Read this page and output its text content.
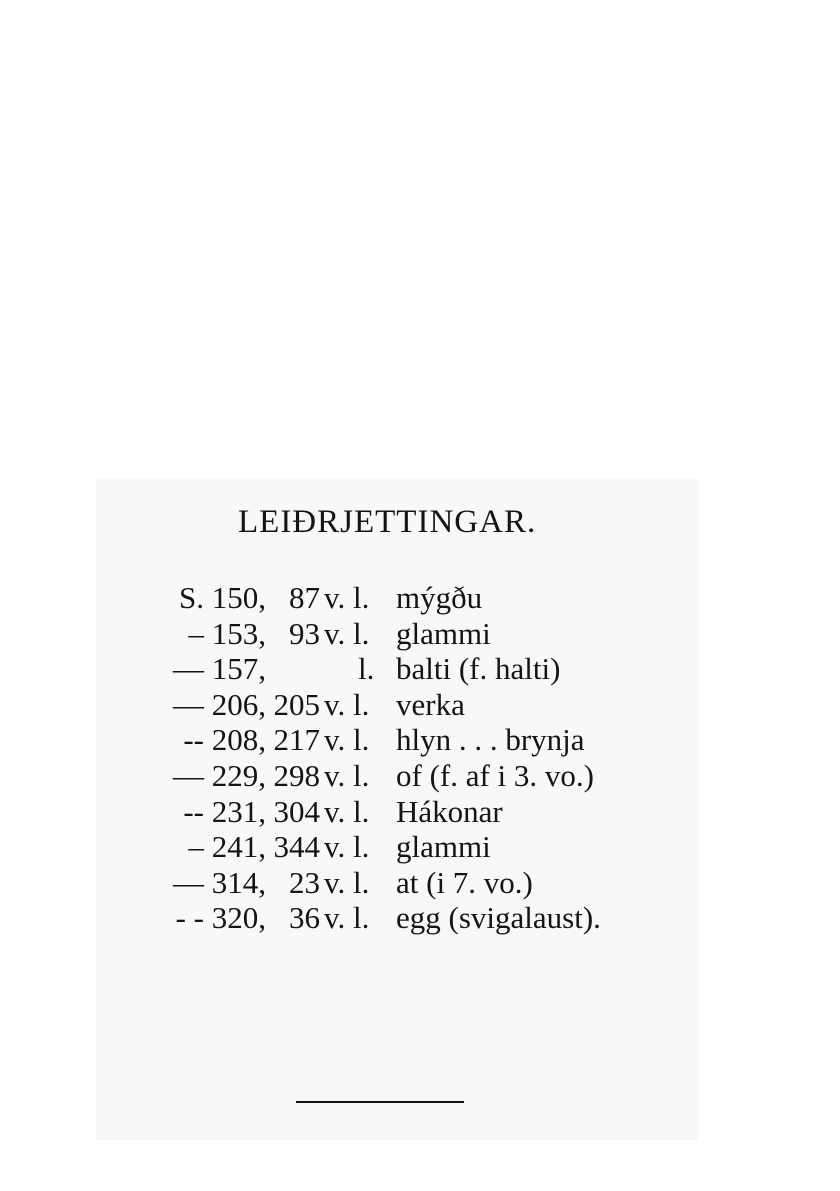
LEIÐRJETTINGAR.
S. 150, 87 v. l. mýgðu
– 153, 93 v. l. glammi
— 157,	l. balti (f. halti)
— 206, 205 v. l. verka
-- 208, 217 v. l. hlyn . . . brynja
— 229, 298 v. l. of (f. af i 3. vo.)
-- 231, 304 v. l. Hákonar
– 241, 344 v. l. glammi
— 314, 23 v. l. at (i 7. vo.)
- - 320, 36 v. l. egg (svigalaust).
